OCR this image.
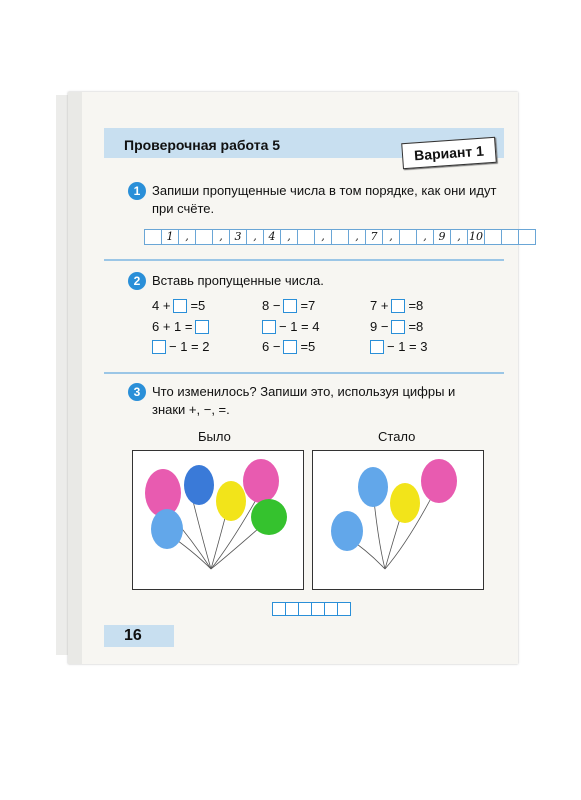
Проверочная работа 5	Вариант 1
1 Запиши пропущенные числа в том порядке, как они идут при счёте.
1	,	,	3	,	4	,	,	,	7	,	,	9	, 10
2 Вставь пропущенные числа.
4 + =5	8 − =7	7 + =8
6 + 1 =	− 1 = 4	9 − =8
− 1 = 2	6 − =5	− 1 = 3
3 Что изменилось? Запиши это, используя цифры и знаки +, −, =.
Было	Стало
16
